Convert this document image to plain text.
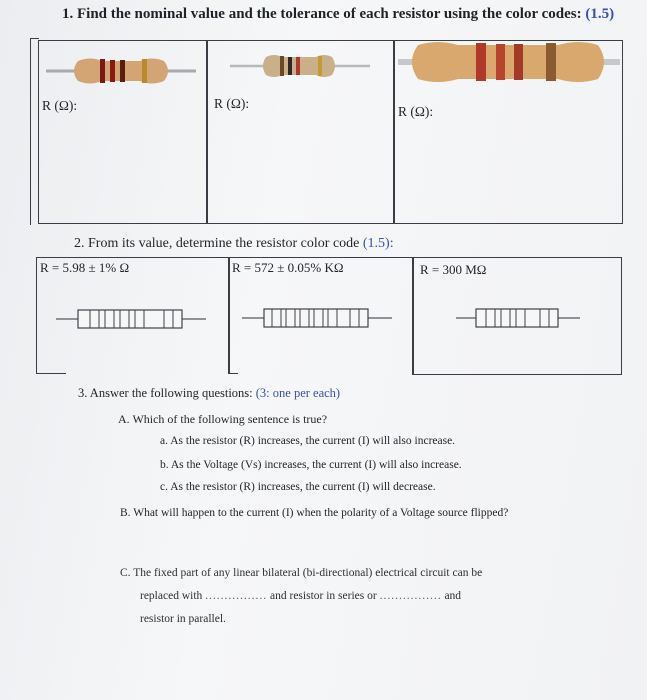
1. Find the nominal value and the tolerance of each resistor using the color codes: (1.5)
R (Ω):	R (Ω):
R (Ω):
2. From its value, determine the resistor color code (1.5):
R = 5.98 ± 1% Ω	R = 572 ± 0.05% KΩ	R = 300 MΩ
3. Answer the following questions: (3: one per each)
A. Which of the following sentence is true?
a. As the resistor (R) increases, the current (I) will also increase.
b. As the Voltage (Vs) increases, the current (I) will also increase.
c. As the resistor (R) increases, the current (I) will decrease.
B. What will happen to the current (I) when the polarity of a Voltage source flipped?
C. The fixed part of any linear bilateral (bi-directional) electrical circuit can be
replaced with ................ and resistor in series or ................ and
resistor in parallel.
